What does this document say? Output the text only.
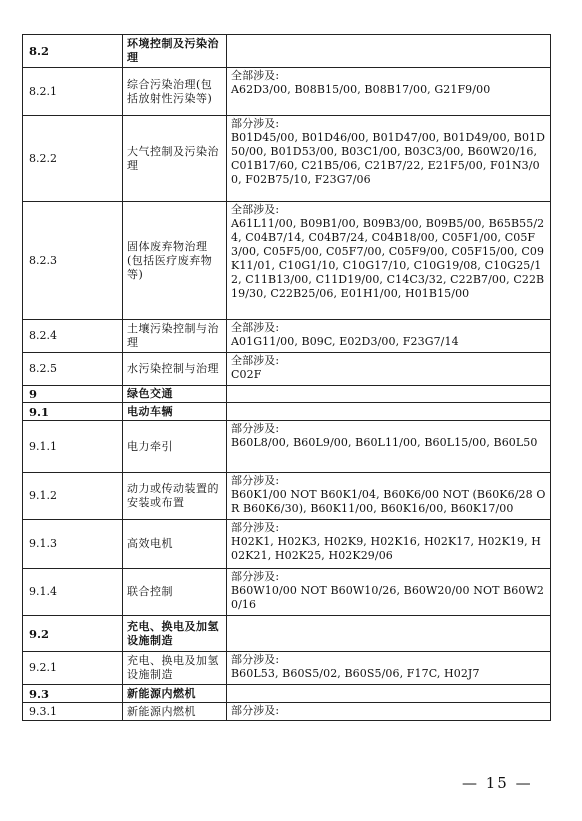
8.2	环境控制及污染治理	
8.2.1	综合污染治理(包括放射性污染等)	全部涉及:
A62D3/00, B08B15/00, B08B17/00, G21F9/00

8.2.2	大气控制及污染治理	部分涉及:
B01D45/00, B01D46/00, B01D47/00, B01D49/00, B01D50/00, B01D53/00, B03C1/00, B03C3/00, B60W20/16, C01B17/60, C21B5/06, C21B7/22, E21F5/00, F01N3/00, F02B75/10, F23G7/06

8.2.3	固体废弃物治理(包括医疗废弃物等)	全部涉及:
A61L11/00, B09B1/00, B09B3/00, B09B5/00, B65B55/24, C04B7/14, C04B7/24, C04B18/00, C05F1/00, C05F3/00, C05F5/00, C05F7/00, C05F9/00, C05F15/00, C09K11/01, C10G1/10, C10G17/10, C10G19/08, C10G25/12, C11B13/00, C11D19/00, C14C3/32, C22B7/00, C22B19/30, C22B25/06, E01H1/00, H01B15/00

8.2.4	土壤污染控制与治理	全部涉及:
A01G11/00, B09C, E02D3/00, F23G7/14

8.2.5	水污染控制与治理	全部涉及:
C02F

9	绿色交通	
9.1	电动车辆	
9.1.1	电力牵引	部分涉及:
B60L8/00, B60L9/00, B60L11/00, B60L15/00, B60L50

9.1.2	动力或传动装置的安装或布置	部分涉及:
B60K1/00 NOT B60K1/04, B60K6/00 NOT (B60K6/28 OR B60K6/30), B60K11/00, B60K16/00, B60K17/00

9.1.3	高效电机	部分涉及:
H02K1, H02K3, H02K9, H02K16, H02K17, H02K19, H02K21, H02K25, H02K29/06

9.1.4	联合控制	部分涉及:
B60W10/00 NOT B60W10/26, B60W20/00 NOT B60W20/16

9.2	充电、换电及加氢设施制造	
9.2.1	充电、换电及加氢设施制造	部分涉及:
B60L53, B60S5/02, B60S5/06, F17C, H02J7

9.3	新能源内燃机	
9.3.1	新能源内燃机	部分涉及:
— 15 —
